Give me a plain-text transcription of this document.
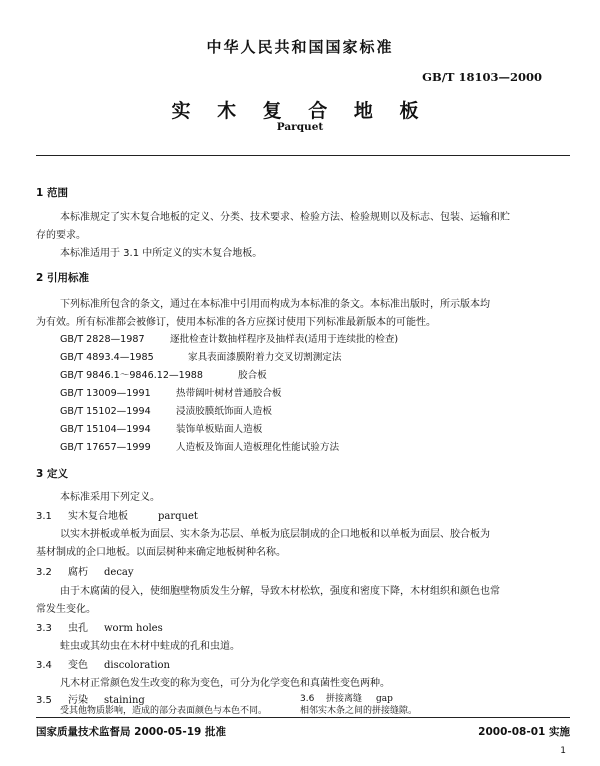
中华人民共和国国家标准
GB/T 18103—2000
实 木 复 合 地 板
Parquet
1 范围
本标准规定了实木复合地板的定义、分类、技术要求、检验方法、检验规则以及标志、包装、运输和贮
存的要求。
本标准适用于 3.1 中所定义的实木复合地板。
2 引用标准
下列标准所包含的条文，通过在本标准中引用而构成为本标准的条文。本标准出版时，所示版本均
为有效。所有标准都会被修订，使用本标准的各方应探讨使用下列标准最新版本的可能性。
GB/T 2828—1987	逐批检查计数抽样程序及抽样表(适用于连续批的检查)
GB/T 4893.4—1985	家具表面漆膜附着力交叉切割测定法
GB/T 9846.1～9846.12—1988	胶合板
GB/T 13009—1991	热带阔叶树材普通胶合板
GB/T 15102—1994	浸渍胶膜纸饰面人造板
GB/T 15104—1994	装饰单板贴面人造板
GB/T 17657—1999	人造板及饰面人造板理化性能试验方法
3 定义
本标准采用下列定义。
3.1 实木复合地板	parquet
以实木拼板或单板为面层、实木条为芯层、单板为底层制成的企口地板和以单板为面层、胶合板为
基材制成的企口地板。以面层树种来确定地板树种名称。
3.2 腐朽 decay
由于木腐菌的侵入，使细胞壁物质发生分解，导致木材松软，强度和密度下降，木材组织和颜色也常
常发生变化。
3.3 虫孔 worm holes
蛀虫或其幼虫在木材中蛀成的孔和虫道。
3.4 变色 discoloration
凡木材正常颜色发生改变的称为变色，可分为化学变色和真菌性变色两种。
3.5 污染 staining
受其他物质影响，造成的部分表面颜色与本色不同。
国家质量技术监督局 2000-05-19 批准	2000-08-01 实施
3.6 拼接离缝 gap
相邻实木条之间的拼接缝隙。
1
